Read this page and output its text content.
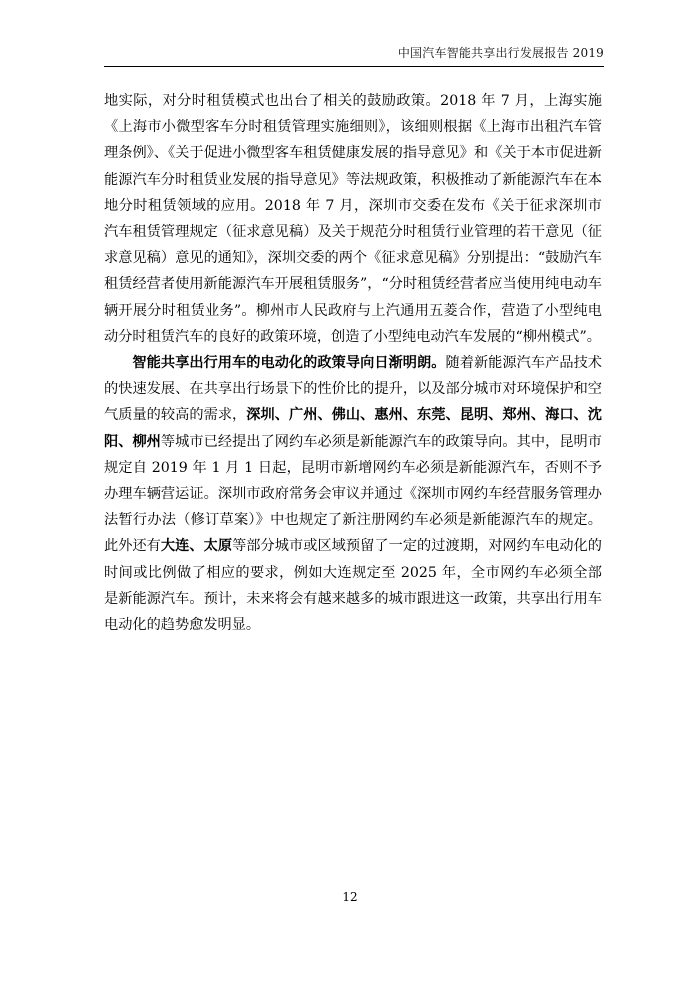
中国汽车智能共享出行发展报告 2019

地实际，对分时租赁模式也出台了相关的鼓励政策。2018 年 7 月，上海实施《上海市小微型客车分时租赁管理实施细则》，该细则根据《上海市出租汽车管理条例》、《关于促进小微型客车租赁健康发展的指导意见》和《关于本市促进新能源汽车分时租赁业发展的指导意见》等法规政策，积极推动了新能源汽车在本地分时租赁领域的应用。2018 年 7 月，深圳市交委在发布《关于征求深圳市汽车租赁管理规定（征求意见稿）及关于规范分时租赁行业管理的若干意见（征求意见稿）意见的通知》，深圳交委的两个《征求意见稿》分别提出：“鼓励汽车租赁经营者使用新能源汽车开展租赁服务”，“分时租赁经营者应当使用纯电动车辆开展分时租赁业务”。柳州市人民政府与上汽通用五菱合作，营造了小型纯电动分时租赁汽车的良好的政策环境，创造了小型纯电动汽车发展的“柳州模式”。

智能共享出行用车的电动化的政策导向日渐明朗。随着新能源汽车产品技术的快速发展、在共享出行场景下的性价比的提升，以及部分城市对环境保护和空气质量的较高的需求，深圳、广州、佛山、惠州、东莞、昆明、郑州、海口、沈阳、柳州等城市已经提出了网约车必须是新能源汽车的政策导向。其中，昆明市规定自 2019 年 1 月 1 日起，昆明市新增网约车必须是新能源汽车，否则不予办理车辆营运证。深圳市政府常务会审议并通过《深圳市网约车经营服务管理办法暂行办法（修订草案）》中也规定了新注册网约车必须是新能源汽车的规定。此外还有大连、太原等部分城市或区域预留了一定的过渡期，对网约车电动化的时间或比例做了相应的要求，例如大连规定至 2025 年，全市网约车必须全部是新能源汽车。预计，未来将会有越来越多的城市跟进这一政策，共享出行用车电动化的趋势愈发明显。

12
